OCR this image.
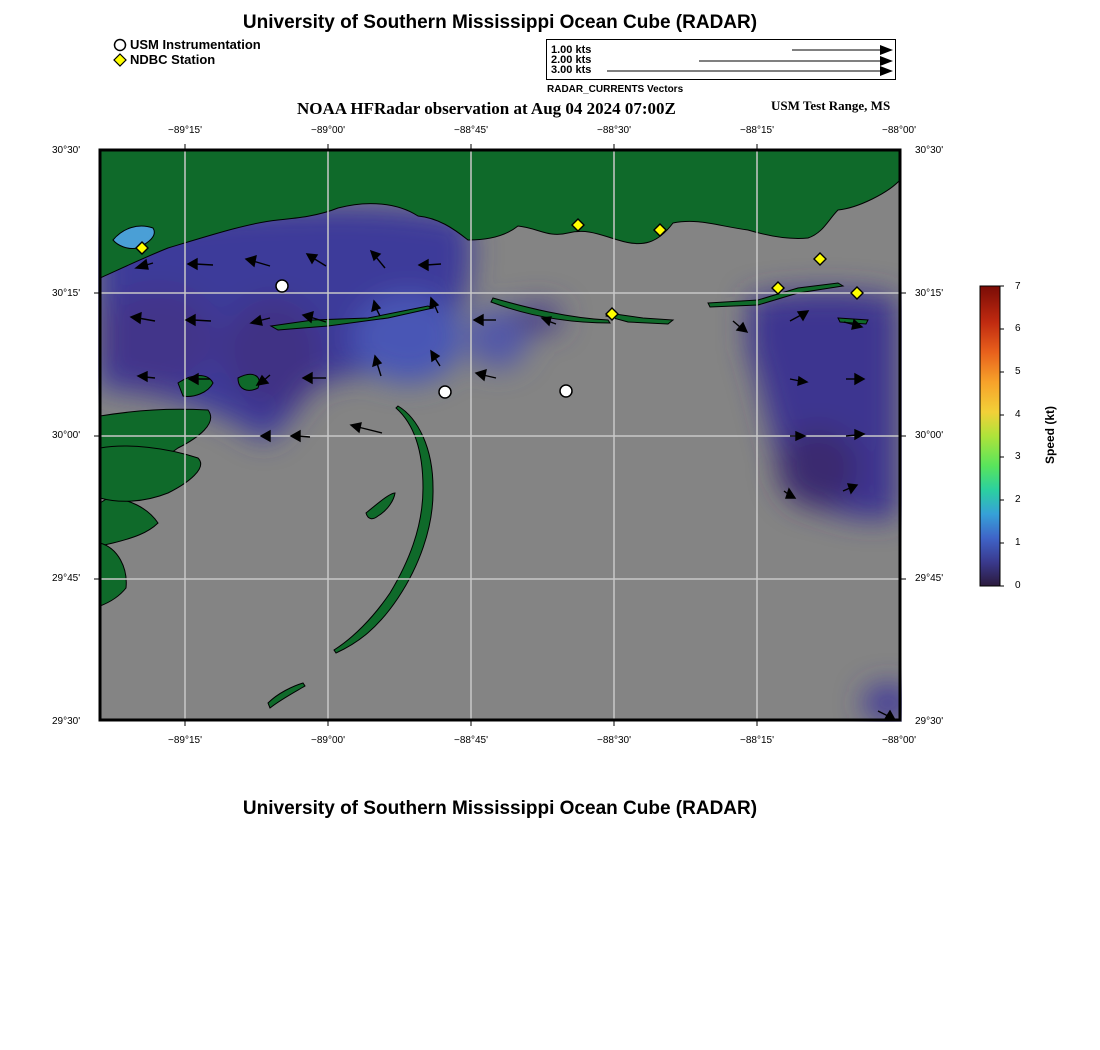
University of Southern Mississippi Ocean Cube (RADAR)
USM Instrumentation
NDBC Station
1.00 kts
2.00 kts
3.00 kts
RADAR_CURRENTS Vectors
NOAA HFRadar observation at Aug 04 2024 07:00Z	USM Test Range, MS
−89°15'	−89°00'	−88°45'	−88°30'	−88°15'	−88°00'
−89°15'	−89°00'	−88°45'	−88°30'	−88°15'	−88°00'
30°30'
30°15'
30°00'
29°45'
29°30'
30°30'
30°15'
30°00'
29°45'
29°30'
7
6
5
4
3
2
1
0
Speed (kt)
University of Southern Mississippi Ocean Cube (RADAR)
